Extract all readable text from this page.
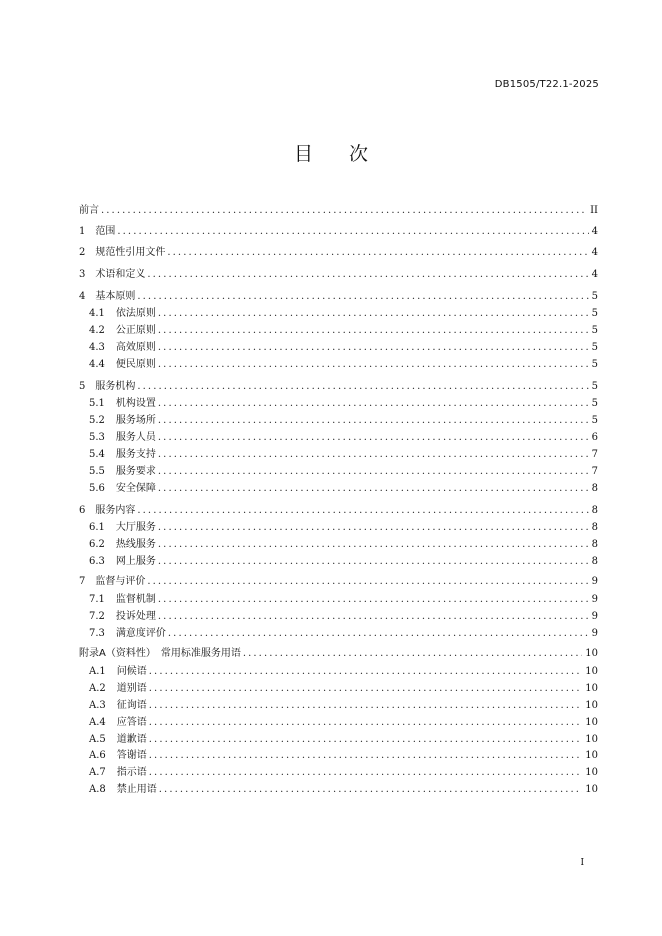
DB1505/T22.1-2025
目次
前言 .....	II
1	范围 .....	4
2	规范性引用文件 .....	4
3	术语和定义 .....	4
4	基本原则 .....	5
4.1	依法原则 .....	5
4.2	公正原则 .....	5
4.3	高效原则 .....	5
4.4	便民原则 .....	5
5	服务机构 .....	5
5.1	机构设置 .....	5
5.2	服务场所 .....	5
5.3	服务人员 .....	6
5.4	服务支持 .....	7
5.5	服务要求 .....	7
5.6	安全保障 .....	8
6	服务内容 .....	8
6.1	大厅服务 .....	8
6.2	热线服务 .....	8
6.3	网上服务 .....	8
7	监督与评价 .....	9
7.1	监督机制 .....	9
7.2	投诉处理 .....	9
7.3	满意度评价 .....	9
附录A（资料性）　常用标准服务用语 .....	10
A.1	问候语 .....	10
A.2	道别语 .....	10
A.3	征询语 .....	10
A.4	应答语 .....	10
A.5	道歉语 .....	10
A.6	答谢语 .....	10
A.7	指示语 .....	10
A.8	禁止用语 .....	10
I
